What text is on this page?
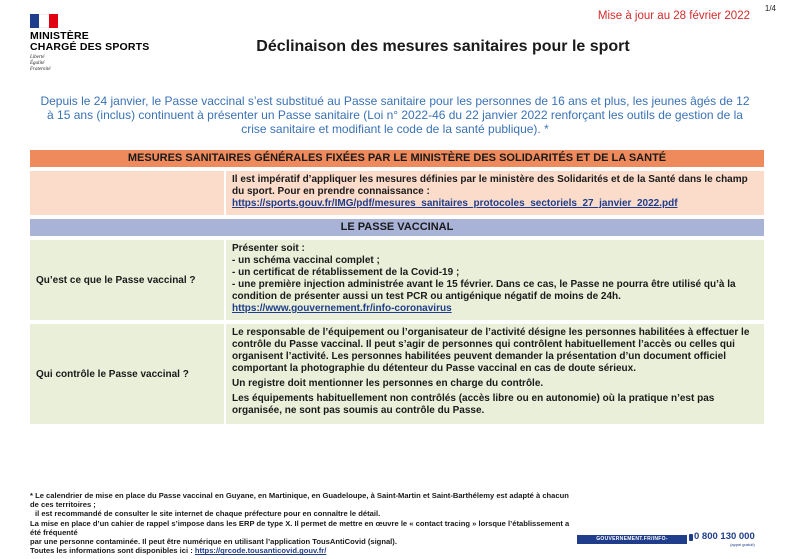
1/4
Mise à jour au 28 février 2022
MINISTÈRE
CHARGÉ DES SPORTS
Liberté
Égalité
Fraternité
Déclinaison des mesures sanitaires pour le sport
Depuis le 24 janvier, le Passe vaccinal s’est substitué au Passe sanitaire pour les personnes de 16 ans et plus, les jeunes âgés de 12 à 15 ans (inclus) continuent à présenter un Passe sanitaire (Loi n° 2022-46 du 22 janvier 2022 renforçant les outils de gestion de la crise sanitaire et modifiant le code de la santé publique). *
MESURES SANITAIRES GÉNÉRALES FIXÉES PAR LE MINISTÈRE DES SOLIDARITÉS ET DE LA SANTÉ

Il est impératif d’appliquer les mesures définies par le ministère des Solidarités et de la Santé dans le champ du sport. Pour en prendre connaissance :

https://sports.gouv.fr/IMG/pdf/mesures_sanitaires_protocoles_sectoriels_27_janvier_2022.pdf

LE PASSE VACCINAL
Qu’est ce que le Passe vaccinal ?

Présenter soit :

- un schéma vaccinal complet ;

- un certificat de rétablissement de la Covid-19 ;

- une première injection administrée avant le 15 février. Dans ce cas, le Passe ne pourra être utilisé qu’à la condition de présenter aussi un test PCR ou antigénique négatif de moins de 24h.

https://www.gouvernement.fr/info-coronavirus

Qui contrôle le Passe vaccinal ?

Le responsable de l’équipement ou l’organisateur de l’activité désigne les personnes habilitées à effectuer le contrôle du Passe vaccinal. Il peut s’agir de personnes qui contrôlent habituellement l’accès ou celles qui organisent l’activité. Les personnes habilitées peuvent demander la présentation d’un document officiel comportant la photographie du détenteur du Passe vaccinal en cas de doute sérieux.

Un registre doit mentionner les personnes en charge du contrôle.

Les équipements habituellement non contrôlés (accès libre ou en autonomie) où la pratique n’est pas organisée, ne sont pas soumis au contrôle du Passe.

* Le calendrier de mise en place du Passe vaccinal en Guyane, en Martinique, en Guadeloupe, à Saint-Martin et Saint-Barthélemy est adapté à chacun de ces territoires ;
il est recommandé de consulter le site internet de chaque préfecture pour en connaître le détail.
La mise en place d’un cahier de rappel s’impose dans les ERP de type X. Il permet de mettre en œuvre le « contact tracing » lorsque l’établissement a été fréquenté
par une personne contaminée. Il peut être numérique en utilisant l’application TousAntiCovid (signal).
Toutes les informations sont disponibles ici : https://qrcode.tousanticovid.gouv.fr/
GOUVERNEMENT.FR/INFO-CORONAVIRUS
0 800 130 000
(appel gratuit)
